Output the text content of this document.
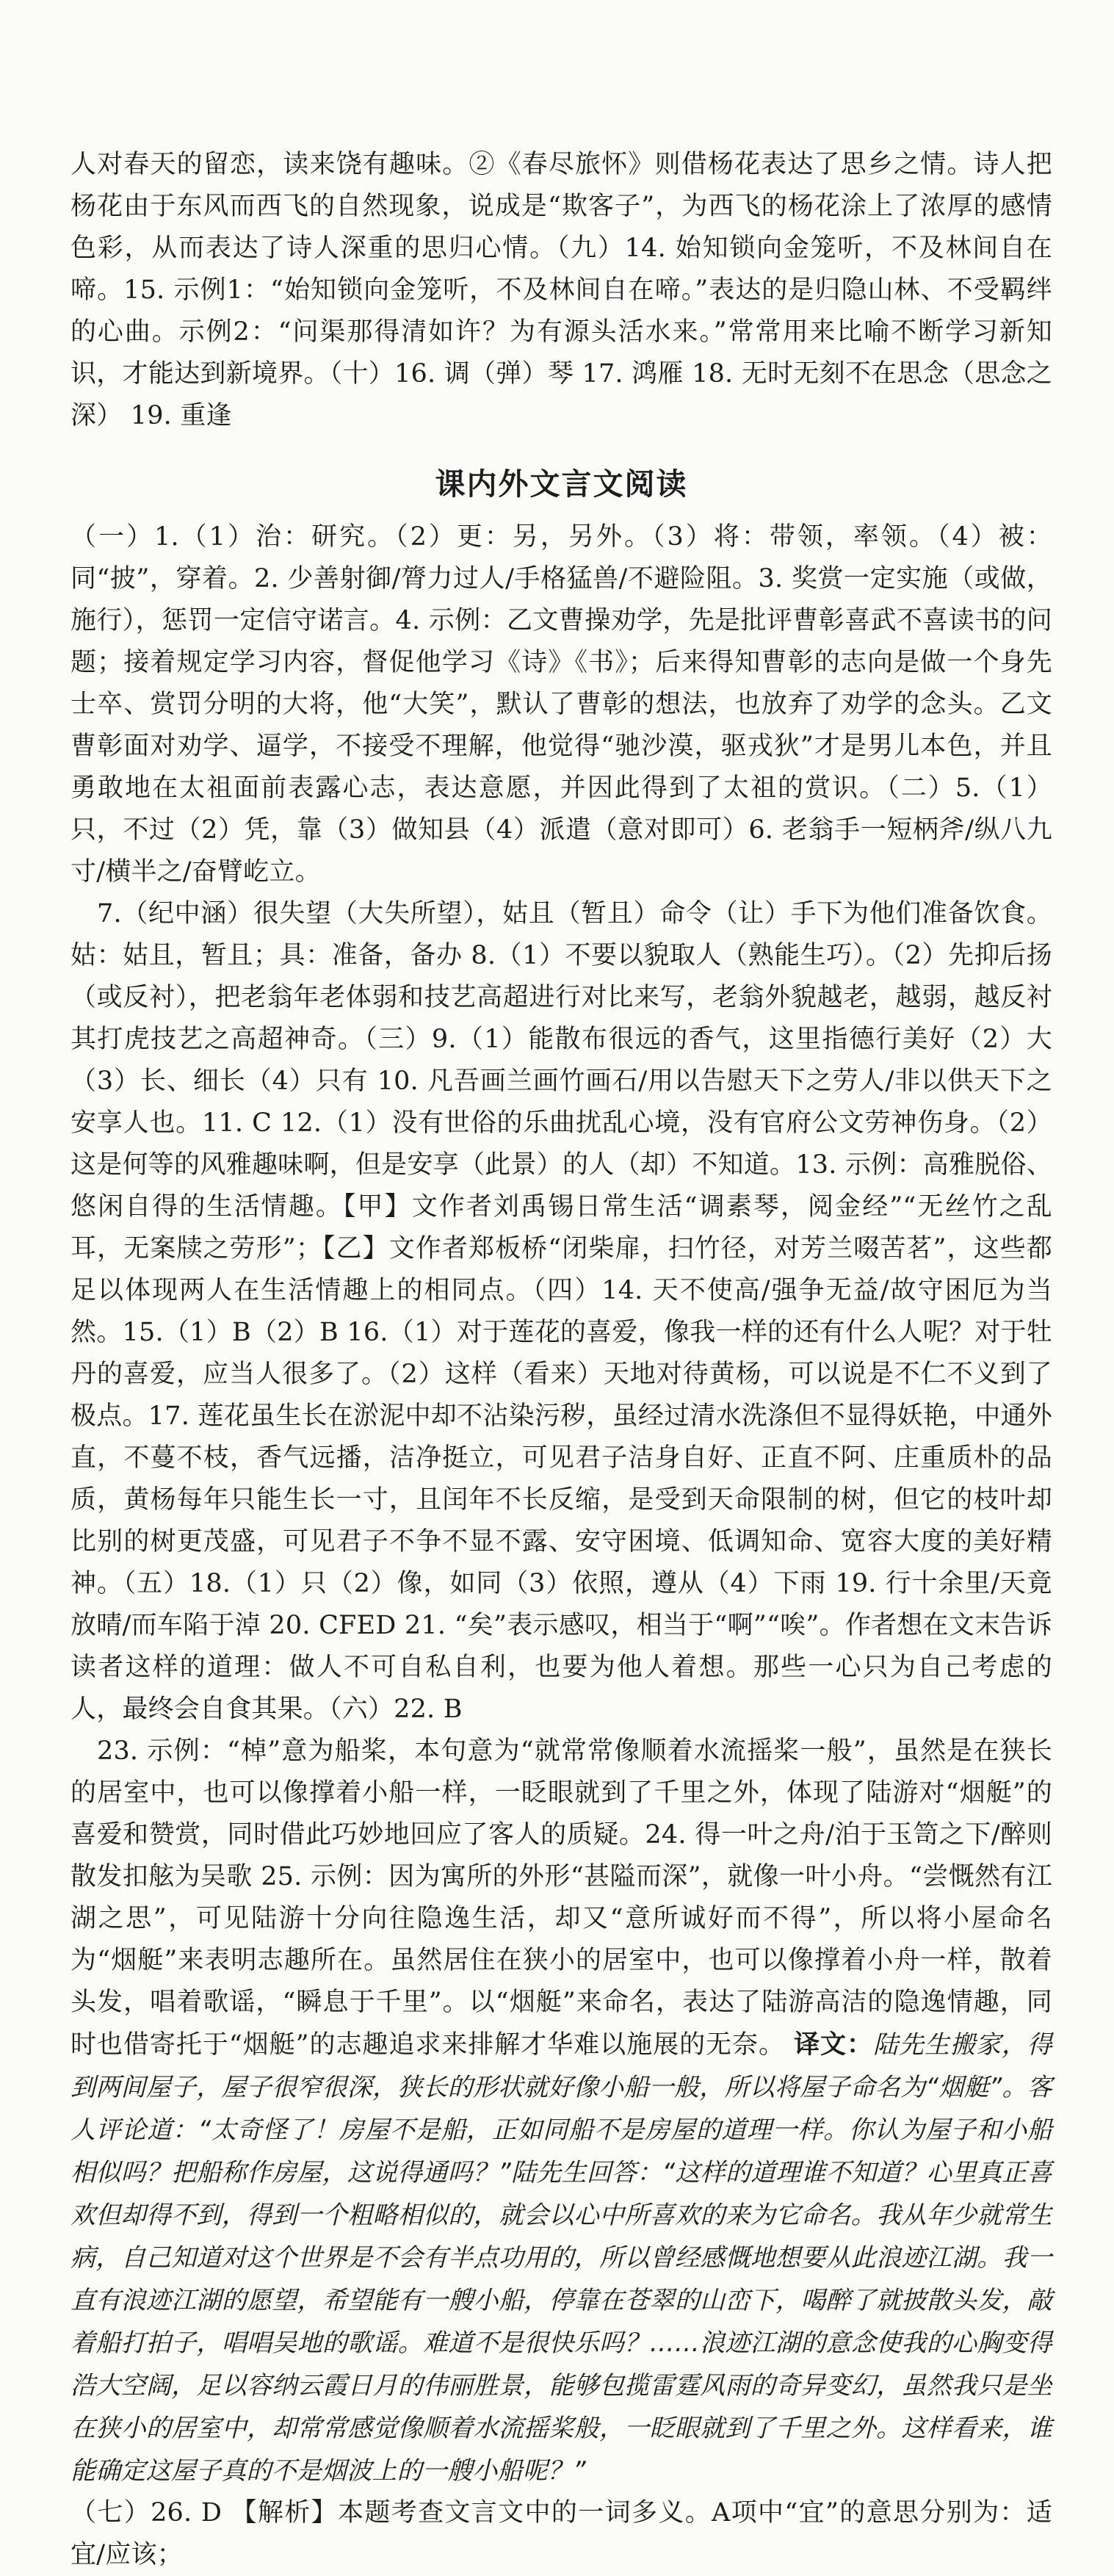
人对春天的留恋，读来饶有趣味。②《春尽旅怀》则借杨花表达了思乡之情。诗人把杨花由于东风而西飞的自然现象，说成是“欺客子”，为西飞的杨花涂上了浓厚的感情色彩，从而表达了诗人深重的思归心情。（九）14. 始知锁向金笼听，不及林间自在啼。15. 示例1：“始知锁向金笼听，不及林间自在啼。”表达的是归隐山林、不受羁绊的心曲。示例2：“问渠那得清如许？为有源头活水来。”常常用来比喻不断学习新知识，才能达到新境界。（十）16. 调（弹）琴 17. 鸿雁 18. 无时无刻不在思念（思念之深） 19. 重逢

课内外文言文阅读

（一）1.（1）治：研究。（2）更：另，另外。（3）将：带领，率领。（4）被：同“披”，穿着。2. 少善射御/膂力过人/手格猛兽/不避险阻。3. 奖赏一定实施（或做，施行），惩罚一定信守诺言。4. 示例：乙文曹操劝学，先是批评曹彰喜武不喜读书的问题；接着规定学习内容，督促他学习《诗》《书》；后来得知曹彰的志向是做一个身先士卒、赏罚分明的大将，他“大笑”，默认了曹彰的想法，也放弃了劝学的念头。乙文曹彰面对劝学、逼学，不接受不理解，他觉得“驰沙漠，驱戎狄”才是男儿本色，并且勇敢地在太祖面前表露心志，表达意愿，并因此得到了太祖的赏识。（二）5.（1）只，不过（2）凭，靠（3）做知县（4）派遣（意对即可）6. 老翁手一短柄斧/纵八九寸/横半之/奋臂屹立。

7.（纪中涵）很失望（大失所望），姑且（暂且）命令（让）手下为他们准备饮食。姑：姑且，暂且；具：准备，备办 8.（1）不要以貌取人（熟能生巧）。（2）先抑后扬（或反衬），把老翁年老体弱和技艺高超进行对比来写，老翁外貌越老，越弱，越反衬其打虎技艺之高超神奇。（三）9.（1）能散布很远的香气，这里指德行美好（2）大（3）长、细长（4）只有 10. 凡吾画兰画竹画石/用以告慰天下之劳人/非以供天下之安享人也。11. C 12.（1）没有世俗的乐曲扰乱心境，没有官府公文劳神伤身。（2）这是何等的风雅趣味啊，但是安享（此景）的人（却）不知道。13. 示例：高雅脱俗、悠闲自得的生活情趣。【甲】文作者刘禹锡日常生活“调素琴，阅金经”“无丝竹之乱耳，无案牍之劳形”；【乙】文作者郑板桥“闭柴扉，扫竹径，对芳兰啜苦茗”，这些都足以体现两人在生活情趣上的相同点。（四）14. 天不使高/强争无益/故守困厄为当然。15.（1）B（2）B 16.（1）对于莲花的喜爱，像我一样的还有什么人呢？对于牡丹的喜爱，应当人很多了。（2）这样（看来）天地对待黄杨，可以说是不仁不义到了极点。17. 莲花虽生长在淤泥中却不沾染污秽，虽经过清水洗涤但不显得妖艳，中通外直，不蔓不枝，香气远播，洁净挺立，可见君子洁身自好、正直不阿、庄重质朴的品质，黄杨每年只能生长一寸，且闰年不长反缩，是受到天命限制的树，但它的枝叶却比别的树更茂盛，可见君子不争不显不露、安守困境、低调知命、宽容大度的美好精神。（五）18.（1）只（2）像，如同（3）依照，遵从（4）下雨 19. 行十余里/天竟放晴/而车陷于淖 20. CFED 21. “矣”表示感叹，相当于“啊”“唉”。作者想在文末告诉读者这样的道理：做人不可自私自利，也要为他人着想。那些一心只为自己考虑的人，最终会自食其果。（六）22. B

23. 示例：“棹”意为船桨，本句意为“就常常像顺着水流摇桨一般”，虽然是在狭长的居室中，也可以像撑着小船一样，一眨眼就到了千里之外，体现了陆游对“烟艇”的喜爱和赞赏，同时借此巧妙地回应了客人的质疑。24. 得一叶之舟/泊于玉笥之下/醉则散发扣舷为吴歌 25. 示例：因为寓所的外形“甚隘而深”，就像一叶小舟。“尝慨然有江湖之思”，可见陆游十分向往隐逸生活，却又“意所诚好而不得”，所以将小屋命名为“烟艇”来表明志趣所在。虽然居住在狭小的居室中，也可以像撑着小舟一样，散着头发，唱着歌谣，“瞬息于千里”。以“烟艇”来命名，表达了陆游高洁的隐逸情趣，同时也借寄托于“烟艇”的志趣追求来排解才华难以施展的无奈。 译文：陆先生搬家，得到两间屋子，屋子很窄很深，狭长的形状就好像小船一般，所以将屋子命名为“烟艇”。客人评论道：“太奇怪了！房屋不是船，正如同船不是房屋的道理一样。你认为屋子和小船相似吗？把船称作房屋，这说得通吗？”陆先生回答：“这样的道理谁不知道？心里真正喜欢但却得不到，得到一个粗略相似的，就会以心中所喜欢的来为它命名。我从年少就常生病，自己知道对这个世界是不会有半点功用的，所以曾经感慨地想要从此浪迹江湖。我一直有浪迹江湖的愿望，希望能有一艘小船，停靠在苍翠的山峦下，喝醉了就披散头发，敲着船打拍子，唱唱吴地的歌谣。难道不是很快乐吗？……浪迹江湖的意念使我的心胸变得浩大空阔，足以容纳云霞日月的伟丽胜景，能够包揽雷霆风雨的奇异变幻，虽然我只是坐在狭小的居室中，却常常感觉像顺着水流摇桨般，一眨眼就到了千里之外。这样看来，谁能确定这屋子真的不是烟波上的一艘小船呢？”

（七）26. D 【解析】本题考查文言文中的一词多义。A项中“宜”的意思分别为：适宜/应该；
